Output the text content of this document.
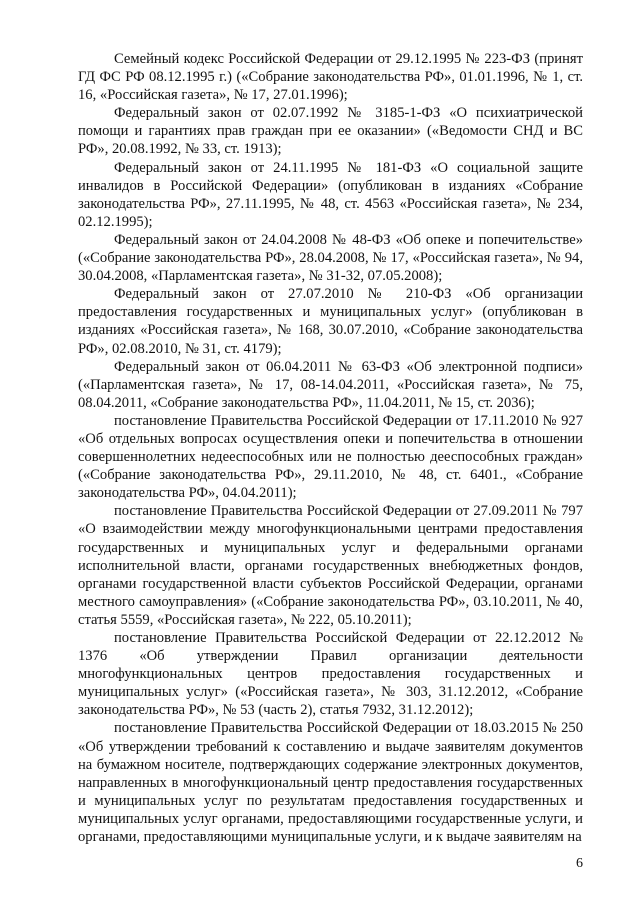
Семейный кодекс Российской Федерации от 29.12.1995 № 223-ФЗ (принят ГД ФС РФ 08.12.1995 г.) («Собрание законодательства РФ», 01.01.1996, № 1, ст. 16, «Российская газета», № 17, 27.01.1996);

Федеральный закон от 02.07.1992 № 3185-1-ФЗ «О психиатрической помощи и гарантиях прав граждан при ее оказании» («Ведомости СНД и ВС РФ», 20.08.1992, № 33, ст. 1913);

Федеральный закон от 24.11.1995 № 181-ФЗ «О социальной защите инвалидов в Российской Федерации» (опубликован в изданиях «Собрание законодательства РФ», 27.11.1995, № 48, ст. 4563 «Российская газета», № 234, 02.12.1995);

Федеральный закон от 24.04.2008 № 48-ФЗ «Об опеке и попечительстве» («Собрание законодательства РФ», 28.04.2008, № 17, «Российская газета», № 94, 30.04.2008, «Парламентская газета», № 31-32, 07.05.2008);

Федеральный закон от 27.07.2010 № 210-ФЗ «Об организации предоставления государственных и муниципальных услуг» (опубликован в изданиях «Российская газета», № 168, 30.07.2010, «Собрание законодательства РФ», 02.08.2010, № 31, ст. 4179);

Федеральный закон от 06.04.2011 № 63-ФЗ «Об электронной подписи» («Парламентская газета», № 17, 08-14.04.2011, «Российская газета», № 75, 08.04.2011, «Собрание законодательства РФ», 11.04.2011, № 15, ст. 2036);

постановление Правительства Российской Федерации от 17.11.2010 № 927 «Об отдельных вопросах осуществления опеки и попечительства в отношении совершеннолетних недееспособных или не полностью дееспособных граждан» («Собрание законодательства РФ», 29.11.2010, № 48, ст. 6401., «Собрание законодательства РФ», 04.04.2011);

постановление Правительства Российской Федерации от 27.09.2011 № 797 «О взаимодействии между многофункциональными центрами предоставления государственных и муниципальных услуг и федеральными органами исполнительной власти, органами государственных внебюджетных фондов, органами государственной власти субъектов Российской Федерации, органами местного самоуправления» («Собрание законодательства РФ», 03.10.2011, № 40, статья 5559, «Российская газета», № 222, 05.10.2011);

постановление Правительства Российской Федерации от 22.12.2012 № 1376 «Об утверждении Правил организации деятельности многофункциональных центров предоставления государственных и муниципальных услуг» («Российская газета», № 303, 31.12.2012, «Собрание законодательства РФ», № 53 (часть 2), статья 7932, 31.12.2012);

постановление Правительства Российской Федерации от 18.03.2015 № 250 «Об утверждении требований к составлению и выдаче заявителям документов на бумажном носителе, подтверждающих содержание электронных документов, направленных в многофункциональный центр предоставления государственных и муниципальных услуг по результатам предоставления государственных и муниципальных услуг органами, предоставляющими государственные услуги, и органами, предоставляющими муниципальные услуги, и к выдаче заявителям на

6
